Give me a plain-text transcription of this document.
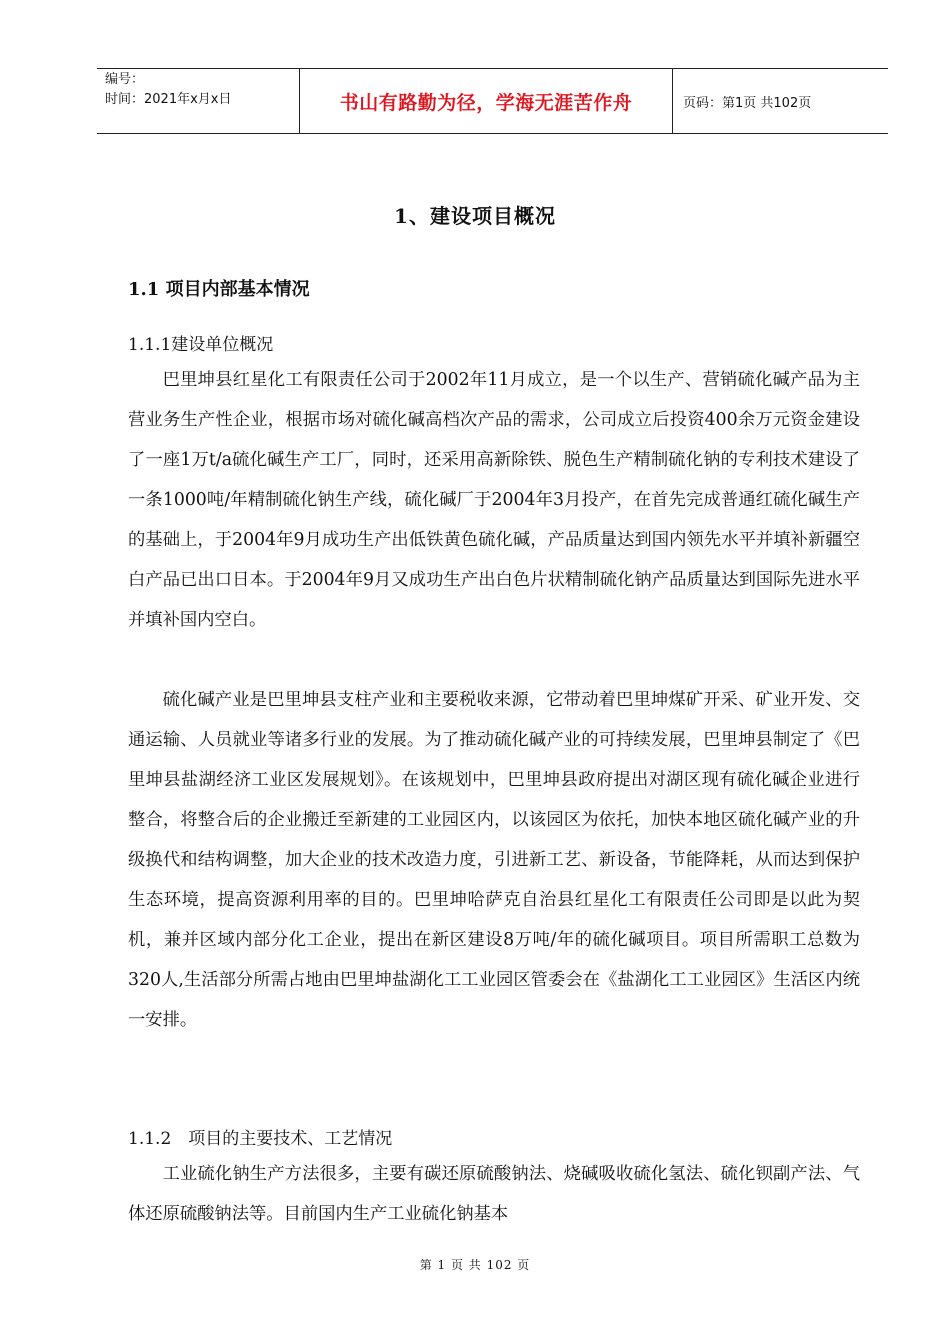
编号：
时间：2021年x月x日	书山有路勤为径，学海无涯苦作舟	页码：第1页 共102页
1、建设项目概况
1.1 项目内部基本情况
1.1.1建设单位概况

巴里坤县红星化工有限责任公司于2002年11月成立，是一个以生产、营销硫化碱产品为主营业务生产性企业，根据市场对硫化碱高档次产品的需求，公司成立后投资400余万元资金建设了一座1万t/a硫化碱生产工厂，同时，还采用高新除铁、脱色生产精制硫化钠的专利技术建设了一条1000吨/年精制硫化钠生产线，硫化碱厂于2004年3月投产，在首先完成普通红硫化碱生产的基础上，于2004年9月成功生产出低铁黄色硫化碱，产品质量达到国内领先水平并填补新疆空白产品已出口日本。于2004年9月又成功生产出白色片状精制硫化钠产品质量达到国际先进水平并填补国内空白。

硫化碱产业是巴里坤县支柱产业和主要税收来源，它带动着巴里坤煤矿开采、矿业开发、交通运输、人员就业等诸多行业的发展。为了推动硫化碱产业的可持续发展，巴里坤县制定了《巴里坤县盐湖经济工业区发展规划》。在该规划中，巴里坤县政府提出对湖区现有硫化碱企业进行整合，将整合后的企业搬迁至新建的工业园区内，以该园区为依托，加快本地区硫化碱产业的升级换代和结构调整，加大企业的技术改造力度，引进新工艺、新设备，节能降耗，从而达到保护生态环境，提高资源利用率的目的。巴里坤哈萨克自治县红星化工有限责任公司即是以此为契机，兼并区域内部分化工企业，提出在新区建设8万吨/年的硫化碱项目。项目所需职工总数为320人,生活部分所需占地由巴里坤盐湖化工工业园区管委会在《盐湖化工工业园区》生活区内统一安排。

1.1.2　项目的主要技术、工艺情况

工业硫化钠生产方法很多，主要有碳还原硫酸钠法、烧碱吸收硫化氢法、硫化钡副产法、气体还原硫酸钠法等。目前国内生产工业硫化钠基本

第 1 页 共 102 页
